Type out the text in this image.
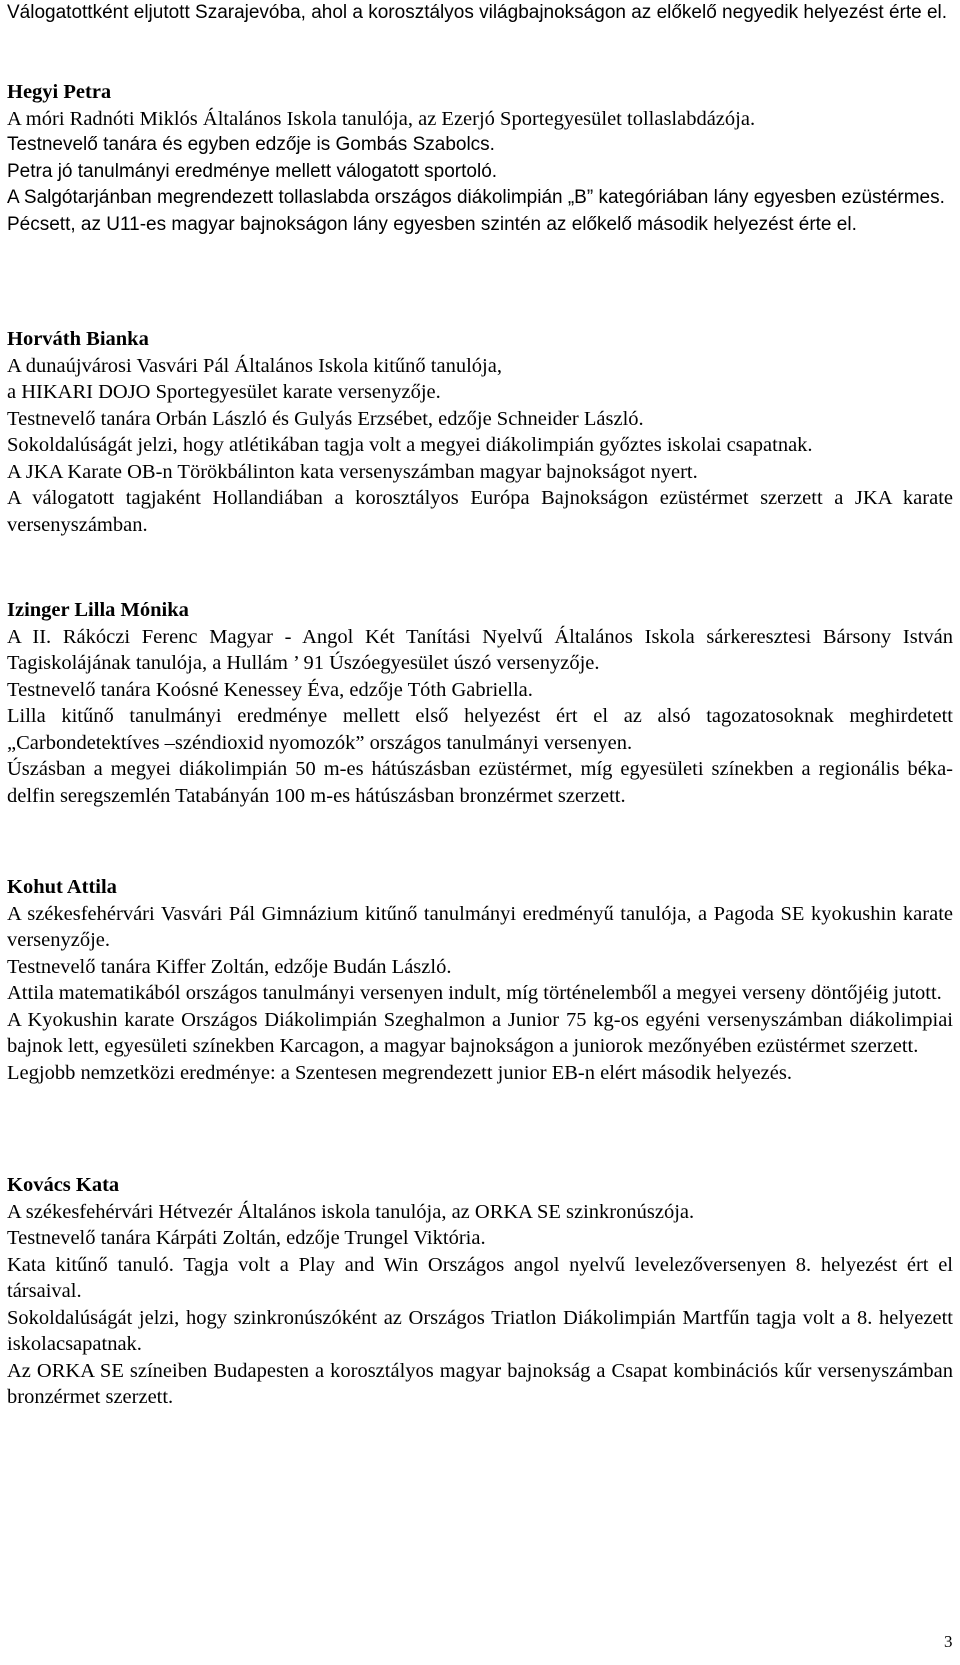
Válogatottként eljutott Szarajevóba, ahol a korosztályos világbajnokságon az előkelő negyedik helyezést érte el.

Hegyi Petra

A móri Radnóti Miklós Általános Iskola tanulója, az Ezerjó Sportegyesület tollaslabdázója.

Testnevelő tanára és egyben edzője is Gombás Szabolcs.

Petra jó tanulmányi eredménye mellett válogatott sportoló.

A Salgótarjánban megrendezett tollaslabda országos diákolimpián „B” kategóriában lány egyesben ezüstérmes.

Pécsett, az U11-es magyar bajnokságon lány egyesben szintén az előkelő második helyezést érte el.

Horváth Bianka

A dunaújvárosi Vasvári Pál Általános Iskola kitűnő tanulója,

a HIKARI DOJO Sportegyesület karate versenyzője.

Testnevelő tanára Orbán László és Gulyás Erzsébet, edzője Schneider László.

Sokoldalúságát jelzi, hogy atlétikában tagja volt a megyei diákolimpián győztes iskolai csapatnak.

A JKA Karate OB-n Törökbálinton kata versenyszámban magyar bajnokságot nyert.

A válogatott tagjaként Hollandiában a korosztályos Európa Bajnokságon ezüstérmet szerzett a JKA karate versenyszámban.

Izinger Lilla Mónika

A II. Rákóczi Ferenc Magyar - Angol Két Tanítási Nyelvű Általános Iskola sárkeresztesi Bársony István Tagiskolájának tanulója, a Hullám ’ 91 Úszóegyesület úszó versenyzője.

Testnevelő tanára Koósné Kenessey Éva, edzője Tóth Gabriella.

Lilla kitűnő tanulmányi eredménye mellett első helyezést ért el az alsó tagozatosoknak meghirdetett „Carbondetektíves –széndioxid nyomozók” országos tanulmányi versenyen.

Úszásban a megyei diákolimpián 50 m-es hátúszásban ezüstérmet, míg egyesületi színekben a regionális béka-delfin seregszemlén Tatabányán 100 m-es hátúszásban bronzérmet szerzett.

Kohut Attila

A székesfehérvári Vasvári Pál Gimnázium kitűnő tanulmányi eredményű tanulója, a Pagoda SE kyokushin karate versenyzője.

Testnevelő tanára Kiffer Zoltán, edzője Budán László.

Attila matematikából országos tanulmányi versenyen indult, míg történelemből a megyei verseny döntőjéig jutott.

A Kyokushin karate Országos Diákolimpián Szeghalmon a Junior 75 kg-os egyéni versenyszámban diákolimpiai bajnok lett, egyesületi színekben Karcagon, a magyar bajnokságon a juniorok mezőnyében ezüstérmet szerzett.

Legjobb nemzetközi eredménye: a Szentesen megrendezett junior EB-n elért második helyezés.

Kovács Kata

A székesfehérvári Hétvezér Általános iskola tanulója, az ORKA SE szinkronúszója.

Testnevelő tanára Kárpáti Zoltán, edzője Trungel Viktória.

Kata kitűnő tanuló. Tagja volt a Play and Win Országos angol nyelvű levelezőversenyen 8. helyezést ért el társaival.

Sokoldalúságát jelzi, hogy szinkronúszóként az Országos Triatlon Diákolimpián Martfűn tagja volt a 8. helyezett iskolacsapatnak.

Az ORKA SE színeiben Budapesten a korosztályos magyar bajnokság a Csapat kombinációs kűr versenyszámban bronzérmet szerzett.

3
